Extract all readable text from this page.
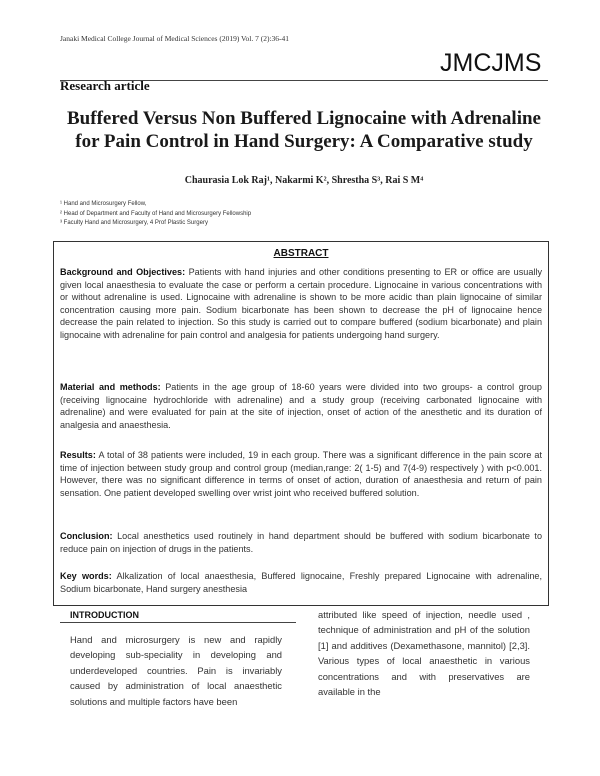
Janaki Medical College Journal of Medical Sciences (2019) Vol. 7 (2):36-41
JMCJMS
Research article
Buffered Versus Non Buffered Lignocaine with Adrenaline for Pain Control in Hand Surgery: A Comparative study
Chaurasia Lok Raj¹, Nakarmi K², Shrestha S³, Rai S M⁴
¹ Hand and Microsurgery Fellow,
² Head of Department and Faculty of Hand and Microsurgery Fellowship
³ Faculty Hand and Microsurgery, 4 Prof Plastic Surgery
ABSTRACT
Background and Objectives: Patients with hand injuries and other conditions presenting to ER or office are usually given local anaesthesia to evaluate the case or perform a certain procedure. Lignocaine in various concentrations with or without adrenaline is used. Lignocaine with adrenaline is shown to be more acidic than plain lignocaine of similar concentration causing more pain. Sodium bicarbonate has been shown to decrease the pH of lignocaine hence decrease the pain related to injection. So this study is carried out to compare buffered (sodium bicarbonate) and plain lignocaine with adrenaline for pain control and analgesia for patients undergoing hand surgery.
Material and methods: Patients in the age group of 18-60 years were divided into two groups- a control group (receiving lignocaine hydrochloride with adrenaline) and a study group (receiving carbonated lignocaine with adrenaline) and were evaluated for pain at the site of injection, onset of action of the anesthetic and its duration of analgesia and anaesthesia.
Results: A total of 38 patients were included, 19 in each group. There was a significant difference in the pain score at time of injection between study group and control group (median,range: 2( 1-5) and 7(4-9) respectively ) with p<0.001. However, there was no significant difference in terms of onset of action, duration of anaesthesia and return of pain sensation. One patient developed swelling over wrist joint who received buffered solution.
Conclusion: Local anesthetics used routinely in hand department should be buffered with sodium bicarbonate to reduce pain on injection of drugs in the patients.
Key words: Alkalization of local anaesthesia, Buffered lignocaine, Freshly prepared Lignocaine with adrenaline, Sodium bicarbonate, Hand surgery anesthesia
INTRODUCTION
Hand and microsurgery is new and rapidly developing sub-speciality in developing and underdeveloped countries. Pain is invariably caused by administration of local anaesthetic solutions and multiple factors have been
attributed like speed of injection, needle used , technique of administration and pH of the solution [1] and additives (Dexamethasone, mannitol) [2,3]. Various types of local anaesthetic in various concentrations and with preservatives are available in the
